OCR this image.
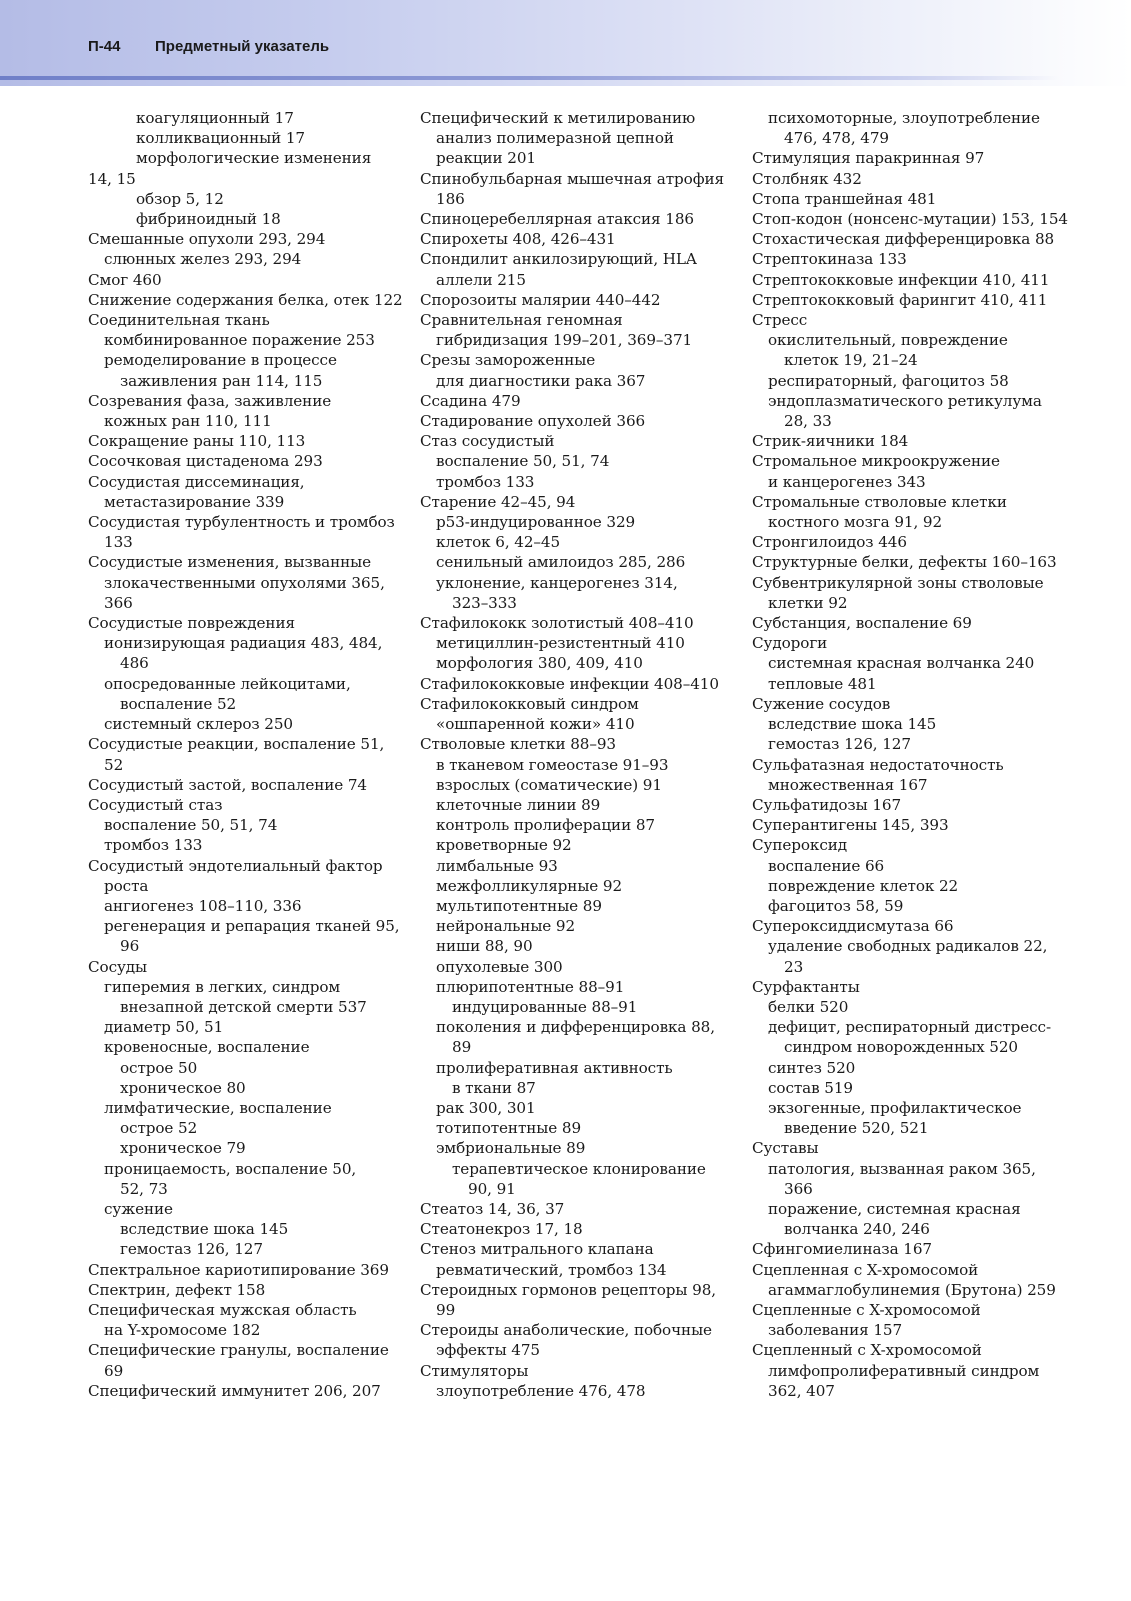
П-44 Предметный указатель
коагуляционный 17
колликвационный 17
морфологические изменения
14, 15
обзор 5, 12
фибриноидный 18
Смешанные опухоли 293, 294
слюнных желез 293, 294
Смог 460
Снижение содержания белка, отек 122
Соединительная ткань
комбинированное поражение 253
ремоделирование в процессе
заживления ран 114, 115
Созревания фаза, заживление
кожных ран 110, 111
Сокращение раны 110, 113
Сосочковая цистаденома 293
Сосудистая диссеминация,
метастазирование 339
Сосудистая турбулентность и тромбоз
133
Сосудистые изменения, вызванные
злокачественными опухолями 365,
366
Сосудистые повреждения
ионизирующая радиация 483, 484,
486
опосредованные лейкоцитами,
воспаление 52
системный склероз 250
Сосудистые реакции, воспаление 51,
52
Сосудистый застой, воспаление 74
Сосудистый стаз
воспаление 50, 51, 74
тромбоз 133
Сосудистый эндотелиальный фактор
роста
ангиогенез 108–110, 336
регенерация и репарация тканей 95,
96
Сосуды
гиперемия в легких, синдром
внезапной детской смерти 537
диаметр 50, 51
кровеносные, воспаление
острое 50
хроническое 80
лимфатические, воспаление
острое 52
хроническое 79
проницаемость, воспаление 50,
52, 73
сужение
вследствие шока 145
гемостаз 126, 127
Спектральное кариотипирование 369
Спектрин, дефект 158
Специфическая мужская область
на Y-хромосоме 182
Специфические гранулы, воспаление
69
Специфический иммунитет 206, 207
Специфический к метилированию
анализ полимеразной цепной
реакции 201
Спинобульбарная мышечная атрофия
186
Спиноцеребеллярная атаксия 186
Спирохеты 408, 426–431
Спондилит анкилозирующий, HLA
аллели 215
Спорозоиты малярии 440–442
Сравнительная геномная
гибридизация 199–201, 369–371
Срезы замороженные
для диагностики рака 367
Ссадина 479
Стадирование опухолей 366
Стаз сосудистый
воспаление 50, 51, 74
тромбоз 133
Старение 42–45, 94
p53-индуцированное 329
клеток 6, 42–45
сенильный амилоидоз 285, 286
уклонение, канцерогенез 314,
323–333
Стафилококк золотистый 408–410
метициллин-резистентный 410
морфология 380, 409, 410
Стафилококковые инфекции 408–410
Стафилококковый синдром
«ошпаренной кожи» 410
Стволовые клетки 88–93
в тканевом гомеостазе 91–93
взрослых (соматические) 91
клеточные линии 89
контроль пролиферации 87
кроветворные 92
лимбальные 93
межфолликулярные 92
мультипотентные 89
нейрональные 92
ниши 88, 90
опухолевые 300
плюрипотентные 88–91
индуцированные 88–91
поколения и дифференцировка 88,
89
пролиферативная активность
в ткани 87
рак 300, 301
тотипотентные 89
эмбриональные 89
терапевтическое клонирование
90, 91
Стеатоз 14, 36, 37
Стеатонекроз 17, 18
Стеноз митрального клапана
ревматический, тромбоз 134
Стероидных гормонов рецепторы 98,
99
Стероиды анаболические, побочные
эффекты 475
Стимуляторы
злоупотребление 476, 478
психомоторные, злоупотребление
476, 478, 479
Стимуляция паракринная 97
Столбняк 432
Стопа траншейная 481
Стоп-кодон (нонсенс-мутации) 153, 154
Стохастическая дифференцировка 88
Стрептокиназа 133
Стрептококковые инфекции 410, 411
Стрептококковый фарингит 410, 411
Стресс
окислительный, повреждение
клеток 19, 21–24
респираторный, фагоцитоз 58
эндоплазматического ретикулума
28, 33
Стрик-яичники 184
Стромальное микроокружение
и канцерогенез 343
Стромальные стволовые клетки
костного мозга 91, 92
Стронгилоидоз 446
Структурные белки, дефекты 160–163
Субвентрикулярной зоны стволовые
клетки 92
Субстанция, воспаление 69
Судороги
системная красная волчанка 240
тепловые 481
Сужение сосудов
вследствие шока 145
гемостаз 126, 127
Сульфатазная недостаточность
множественная 167
Сульфатидозы 167
Суперантигены 145, 393
Супероксид
воспаление 66
повреждение клеток 22
фагоцитоз 58, 59
Супероксиддисмутаза 66
удаление свободных радикалов 22,
23
Сурфактанты
белки 520
дефицит, респираторный дистресс-
синдром новорожденных 520
синтез 520
состав 519
экзогенные, профилактическое
введение 520, 521
Суставы
патология, вызванная раком 365,
366
поражение, системная красная
волчанка 240, 246
Сфингомиелиназа 167
Сцепленная с X-хромосомой
агаммаглобулинемия (Брутона) 259
Сцепленные с X-хромосомой
заболевания 157
Сцепленный с X-хромосомой
лимфопролиферативный синдром
362, 407
